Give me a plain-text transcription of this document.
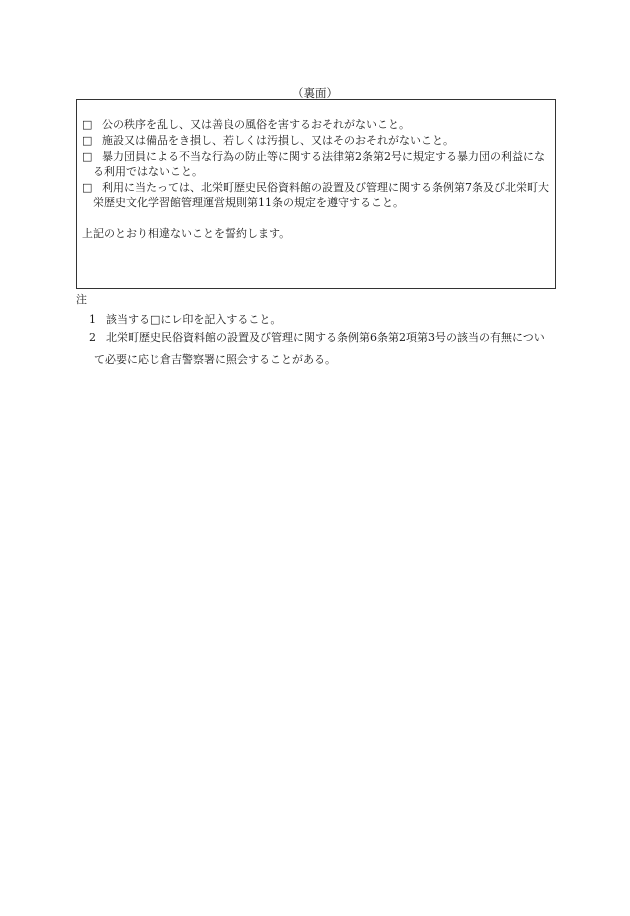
（裏面）
□ 公の秩序を乱し、又は善良の風俗を害するおそれがないこと。
□ 施設又は備品をき損し、若しくは汚損し、又はそのおそれがないこと。
□ 暴力団員による不当な行為の防止等に関する法律第2条第2号に規定する暴力団の利益になる利用ではないこと。
□ 利用に当たっては、北栄町歴史民俗資料館の設置及び管理に関する条例第7条及び北栄町大栄歴史文化学習館管理運営規則第11条の規定を遵守すること。
上記のとおり相違ないことを誓約します。
注
1 該当する□にレ印を記入すること。
2 北栄町歴史民俗資料館の設置及び管理に関する条例第6条第2項第3号の該当の有無について必要に応じ倉吉警察署に照会することがある。
